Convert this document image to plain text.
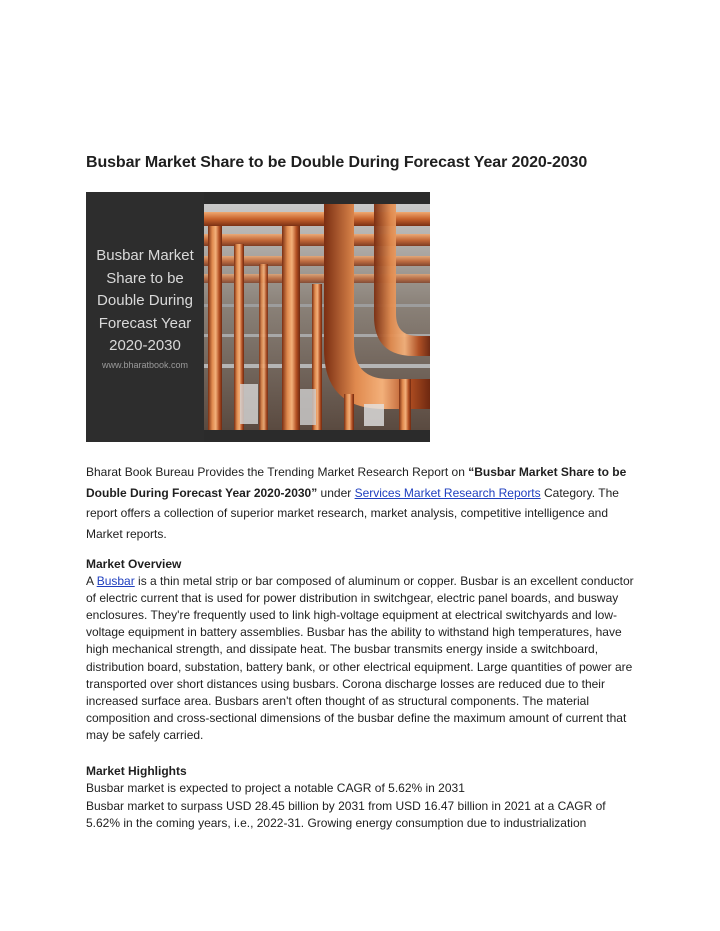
Busbar Market Share to be Double During Forecast Year 2020-2030
Busbar Market
Share to be
Double During
Forecast Year
2020-2030
www.bharatbook.com
Bharat Book Bureau Provides the Trending Market Research Report on “Busbar Market Share to be Double During Forecast Year 2020-2030” under Services Market Research Reports Category. The report offers a collection of superior market research, market analysis, competitive intelligence and Market reports.
Market Overview
A Busbar is a thin metal strip or bar composed of aluminum or copper. Busbar is an excellent conductor of electric current that is used for power distribution in switchgear, electric panel boards, and busway enclosures. They're frequently used to link high-voltage equipment at electrical switchyards and low-voltage equipment in battery assemblies. Busbar has the ability to withstand high temperatures, have high mechanical strength, and dissipate heat. The busbar transmits energy inside a switchboard, distribution board, substation, battery bank, or other electrical equipment. Large quantities of power are transported over short distances using busbars. Corona discharge losses are reduced due to their increased surface area. Busbars aren't often thought of as structural components. The material composition and cross-sectional dimensions of the busbar define the maximum amount of current that may be safely carried.
Market Highlights
Busbar market is expected to project a notable CAGR of 5.62% in 2031
Busbar market to surpass USD 28.45 billion by 2031 from USD 16.47 billion in 2021 at a CAGR of 5.62% in the coming years, i.e., 2022-31. Growing energy consumption due to industrialization
